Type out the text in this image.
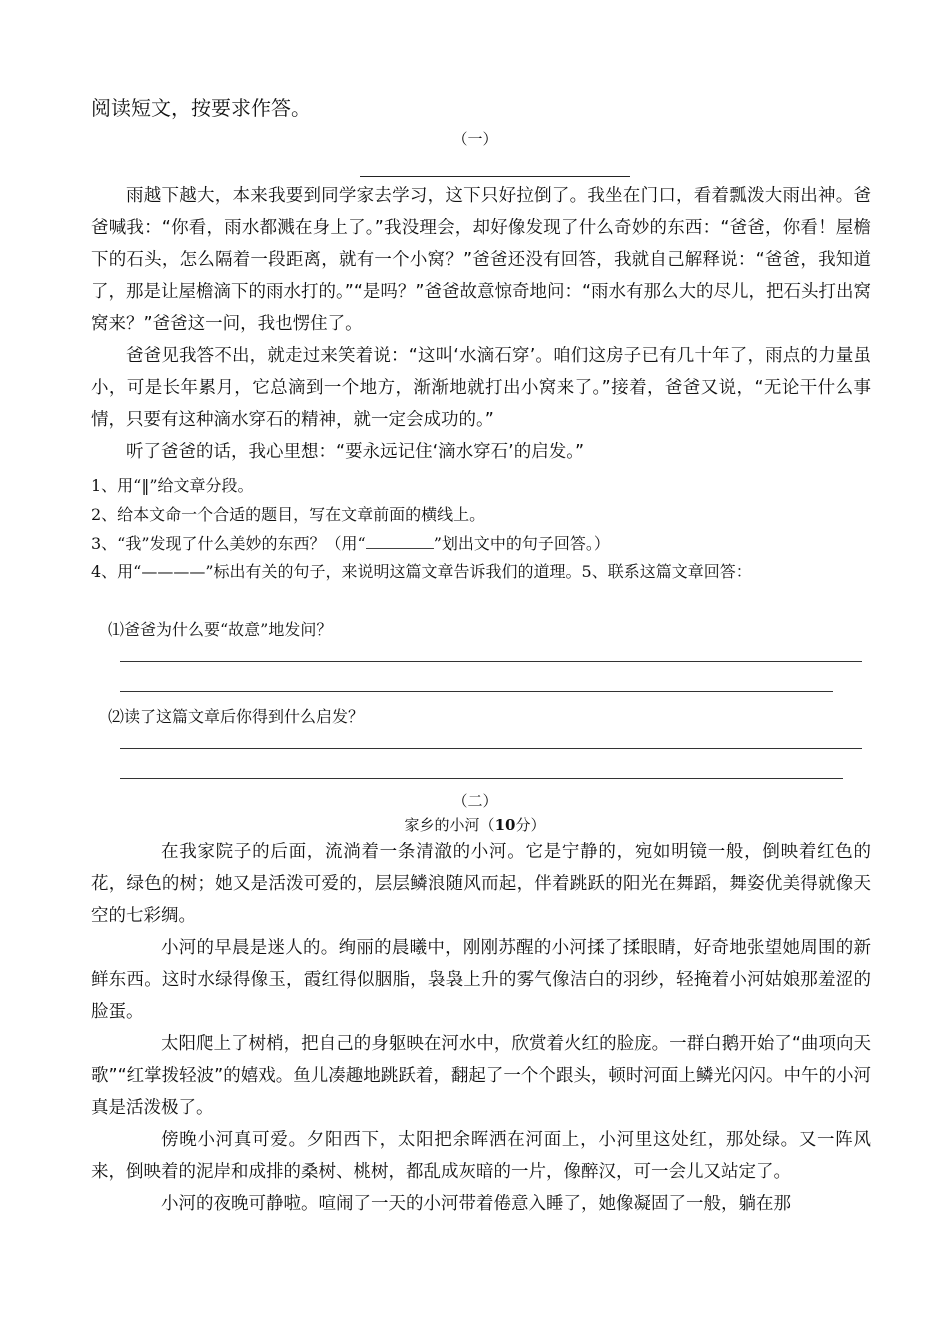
阅读短文，按要求作答。
（一）

雨越下越大，本来我要到同学家去学习，这下只好拉倒了。我坐在门口，看着瓢泼大雨出神。爸爸喊我：“你看，雨水都溅在身上了。”我没理会，却好像发现了什么奇妙的东西：“爸爸，你看！屋檐下的石头，怎么隔着一段距离，就有一个小窝？”爸爸还没有回答，我就自己解释说：“爸爸，我知道了，那是让屋檐滴下的雨水打的。”“是吗？”爸爸故意惊奇地问：“雨水有那么大的尽儿，把石头打出窝窝来？”爸爸这一问，我也愣住了。

爸爸见我答不出，就走过来笑着说：“这叫‘水滴石穿’。咱们这房子已有几十年了，雨点的力量虽小，可是长年累月，它总滴到一个地方，渐渐地就打出小窝来了。”接着，爸爸又说，“无论干什么事情，只要有这种滴水穿石的精神，就一定会成功的。”

听了爸爸的话，我心里想：“要永远记住‘滴水穿石’的启发。”

1、用“‖”给文章分段。
2、给本文命一个合适的题目，写在文章前面的横线上。
3、“我”发现了什么美妙的东西？（用“	”划出文中的句子回答。）
4、用“————”标出有关的句子，来说明这篇文章告诉我们的道理。5、联系这篇文章回答：
⑴爸爸为什么要“故意”地发问？
⑵读了这篇文章后你得到什么启发？
（二）
家乡的小河（10分）

在我家院子的后面，流淌着一条清澈的小河。它是宁静的，宛如明镜一般，倒映着红色的花，绿色的树；她又是活泼可爱的，层层鳞浪随风而起，伴着跳跃的阳光在舞蹈，舞姿优美得就像天空的七彩绸。

小河的早晨是迷人的。绚丽的晨曦中，刚刚苏醒的小河揉了揉眼睛，好奇地张望她周围的新鲜东西。这时水绿得像玉，霞红得似胭脂，袅袅上升的雾气像洁白的羽纱，轻掩着小河姑娘那羞涩的脸蛋。

太阳爬上了树梢，把自己的身躯映在河水中，欣赏着火红的脸庞。一群白鹅开始了“曲项向天歌”“红掌拨轻波”的嬉戏。鱼儿凑趣地跳跃着，翻起了一个个跟头，顿时河面上鳞光闪闪。中午的小河真是活泼极了。

傍晚小河真可爱。夕阳西下，太阳把余晖洒在河面上，小河里这处红，那处绿。又一阵风来，倒映着的泥岸和成排的桑树、桃树，都乱成灰暗的一片，像醉汉，可一会儿又站定了。

小河的夜晚可静啦。喧闹了一天的小河带着倦意入睡了，她像凝固了一般，躺在那
